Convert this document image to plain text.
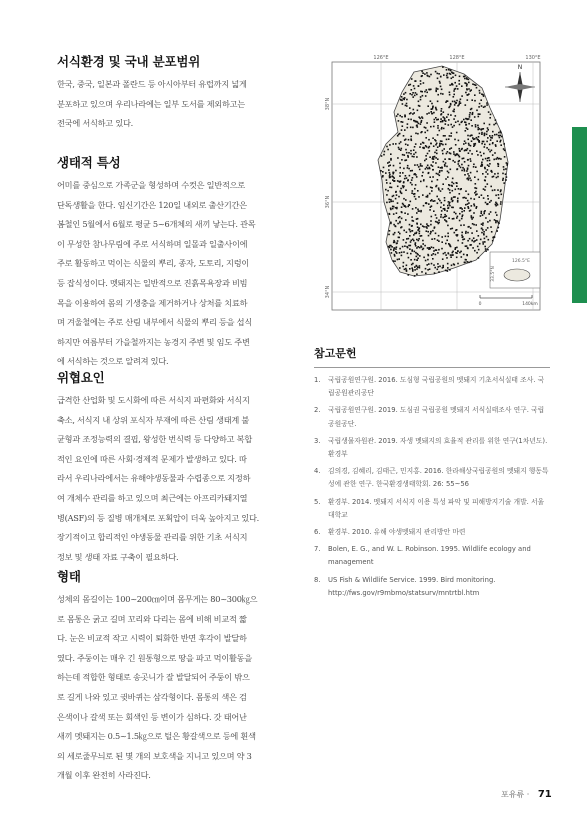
서식환경 및 국내 분포범위
한국, 중국, 일본과 폴란드 등 아시아부터 유럽까지 넓게
분포하고 있으며 우리나라에는 일부 도서를 제외하고는
전국에 서식하고 있다.
생태적 특성
어미를 중심으로 가족군을 형성하며 수컷은 일반적으로
단독생활을 한다. 임신기간은 120일 내외로 출산기간은
봄철인 5월에서 6월로 평균 5~6개체의 새끼 낳는다. 관목
이 무성한 참나무림에 주로 서식하며 일몰과 일출사이에
주로 활동하고 먹이는 식물의 뿌리, 종자, 도토리, 지렁이
등 잡식성이다. 멧돼지는 일반적으로 진흙목욕장과 비빔
목을 이용하여 몸의 기생충을 제거하거나 상처를 치료하
며 겨울철에는 주로 산림 내부에서 식물의 뿌리 등을 섭식
하지만 여름부터 가을철까지는 농경지 주변 및 임도 주변
에 서식하는 것으로 알려져 있다.
위협요인
급격한 산업화 및 도시화에 따른 서식지 파편화와 서식지
축소, 서식지 내 상위 포식자 부재에 따른 산림 생태계 불
균형과 조정능력의 결핍, 왕성한 번식력 등 다양하고 복합
적인 요인에 따른 사회·경제적 문제가 발생하고 있다. 따
라서 우리나라에서는 유해야생동물과 수렵종으로 지정하
여 개체수 관리를 하고 있으며 최근에는 아프리카돼지열
병(ASF)의 등 질병 매개체로 포획압이 더욱 높아지고 있다.
장기적이고 합리적인 야생동물 관리를 위한 기초 서식지
정보 및 생태 자료 구축이 필요하다.
형태
성체의 몸길이는 100~200㎝이며 몸무게는 80~300㎏으
로 몸통은 굵고 길며 꼬리와 다리는 몸에 비해 비교적 짧
다. 눈은 비교적 작고 시력이 퇴화한 반면 후각이 발달하
였다. 주둥이는 매우 긴 원통형으로 땅을 파고 먹이활동을
하는데 적합한 형태로 송곳니가 잘 발달되어 주둥이 밖으
로 길게 나와 있고 귓바퀴는 삼각형이다. 몸통의 색은 검
은색이나 갈색 또는 회색인 등 변이가 심하다. 갓 태어난
새끼 멧돼지는 0.5~1.5㎏으로 털은 황갈색으로 등에 흰색
의 세로줄무늬로 된 몇 개의 보호색을 지니고 있으며 약 3
개월 이후 완전히 사라진다.
126°E	128°E	130°E
38°N
36°N
34°N
N
126.5°E
33.5°N
0	140km
참고문헌
1.	국립공원연구원. 2016. 도심형 국립공원의 멧돼지 기초서식실태 조사. 국립공원관리공단
2.	국립공원연구원. 2019. 도심권 국립공원 멧돼지 서식실태조사 연구. 국립공원공단.
3.	국립생물자원관. 2019. 자생 멧돼지의 효율적 관리를 위한 연구(1차년도). 환경부
4.	김의경, 김혜리, 김태근, 민지홍. 2016. 한라해상국립공원의 멧돼지 행동특성에 관한 연구. 한국환경생태학회. 26: 55~56
5.	환경부. 2014. 멧돼지 서식지 이용 특성 파악 및 피해방지기술 개발. 서울대학교
6.	환경부. 2010. 유해 야생멧돼지 관리방안 마련
7.	Bolen, E. G., and W. L. Robinson. 1995. Wildlife ecology and management
8.	US Fish & Wildlife Service. 1999. Bird monitoring. http://fws.gov/r9mbmo/statsurv/mntrtbl.htm
포유류 · 71
